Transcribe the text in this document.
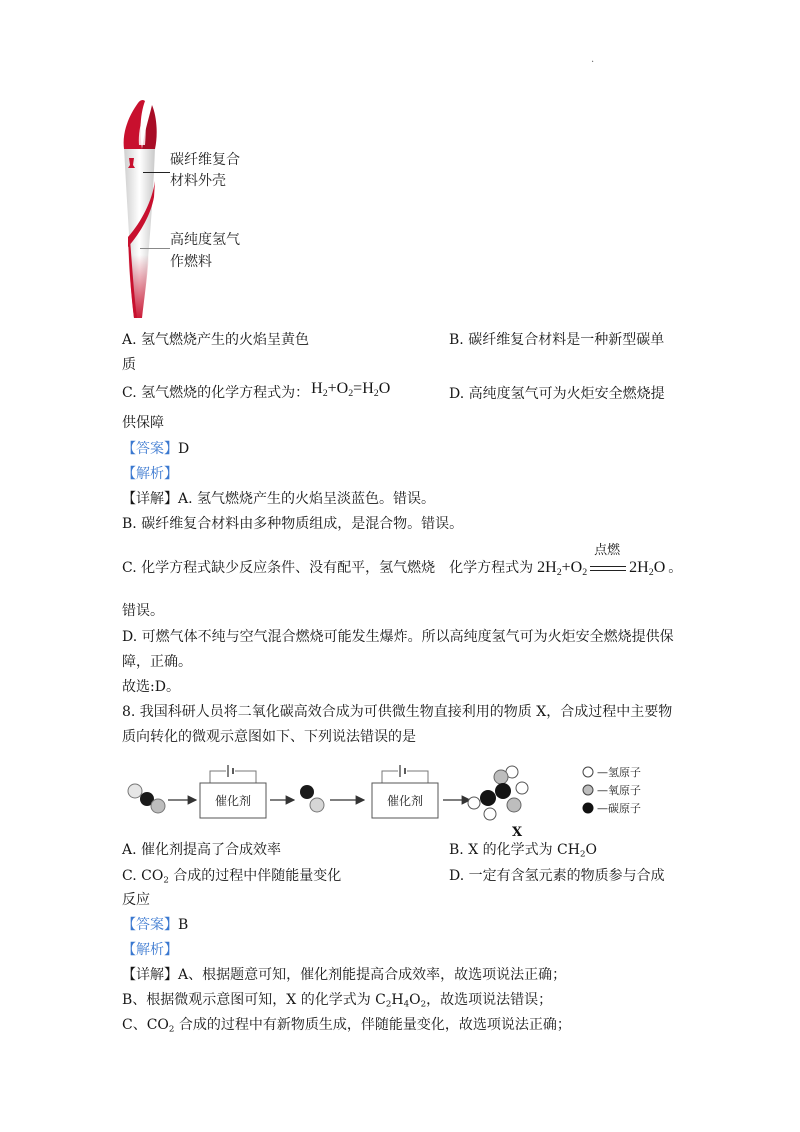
.
碳纤维复合
材料外壳
高纯度氢气
作燃料
A. 氢气燃烧产生的火焰呈黄色	B. 碳纤维复合材料是一种新型碳单
质
C. 氢气燃烧的化学方程式为： $H_2+O_2=H_2O$	D. 高纯度氢气可为火炬安全燃烧提
供保障
【答案】D
【解析】
【详解】A. 氢气燃烧产生的火焰呈淡蓝色。错误。
B. 碳纤维复合材料由多种物质组成，是混合物。错误。
C. 化学方程式缺少反应条件、没有配平，氢气燃烧　化学方程式为 $2H_2+O_2$
点燃
$2H_2O$ 。
错误。
D. 可燃气体不纯与空气混合燃烧可能发生爆炸。所以高纯度氢气可为火炬安全燃烧提供保
障，正确。
故选:D。
8. 我国科研人员将二氧化碳高效合成为可供微生物直接利用的物质 X，合成过程中主要物
质向转化的微观示意图如下、下列说法错误的是
催化剂	催化剂
X
—氢原子
—氧原子
—碳原子
A. 催化剂提高了合成效率	B. X 的化学式为 $CH_2O$
C. $CO_2$ 合成的过程中伴随能量变化	D. 一定有含氢元素的物质参与合成
反应
【答案】B
【解析】
【详解】A、根据题意可知，催化剂能提高合成效率，故选项说法正确；
B、根据微观示意图可知，X 的化学式为 $C_2H_4O_2$，故选项说法错误；
C、$CO_2$ 合成的过程中有新物质生成，伴随能量变化，故选项说法正确；
